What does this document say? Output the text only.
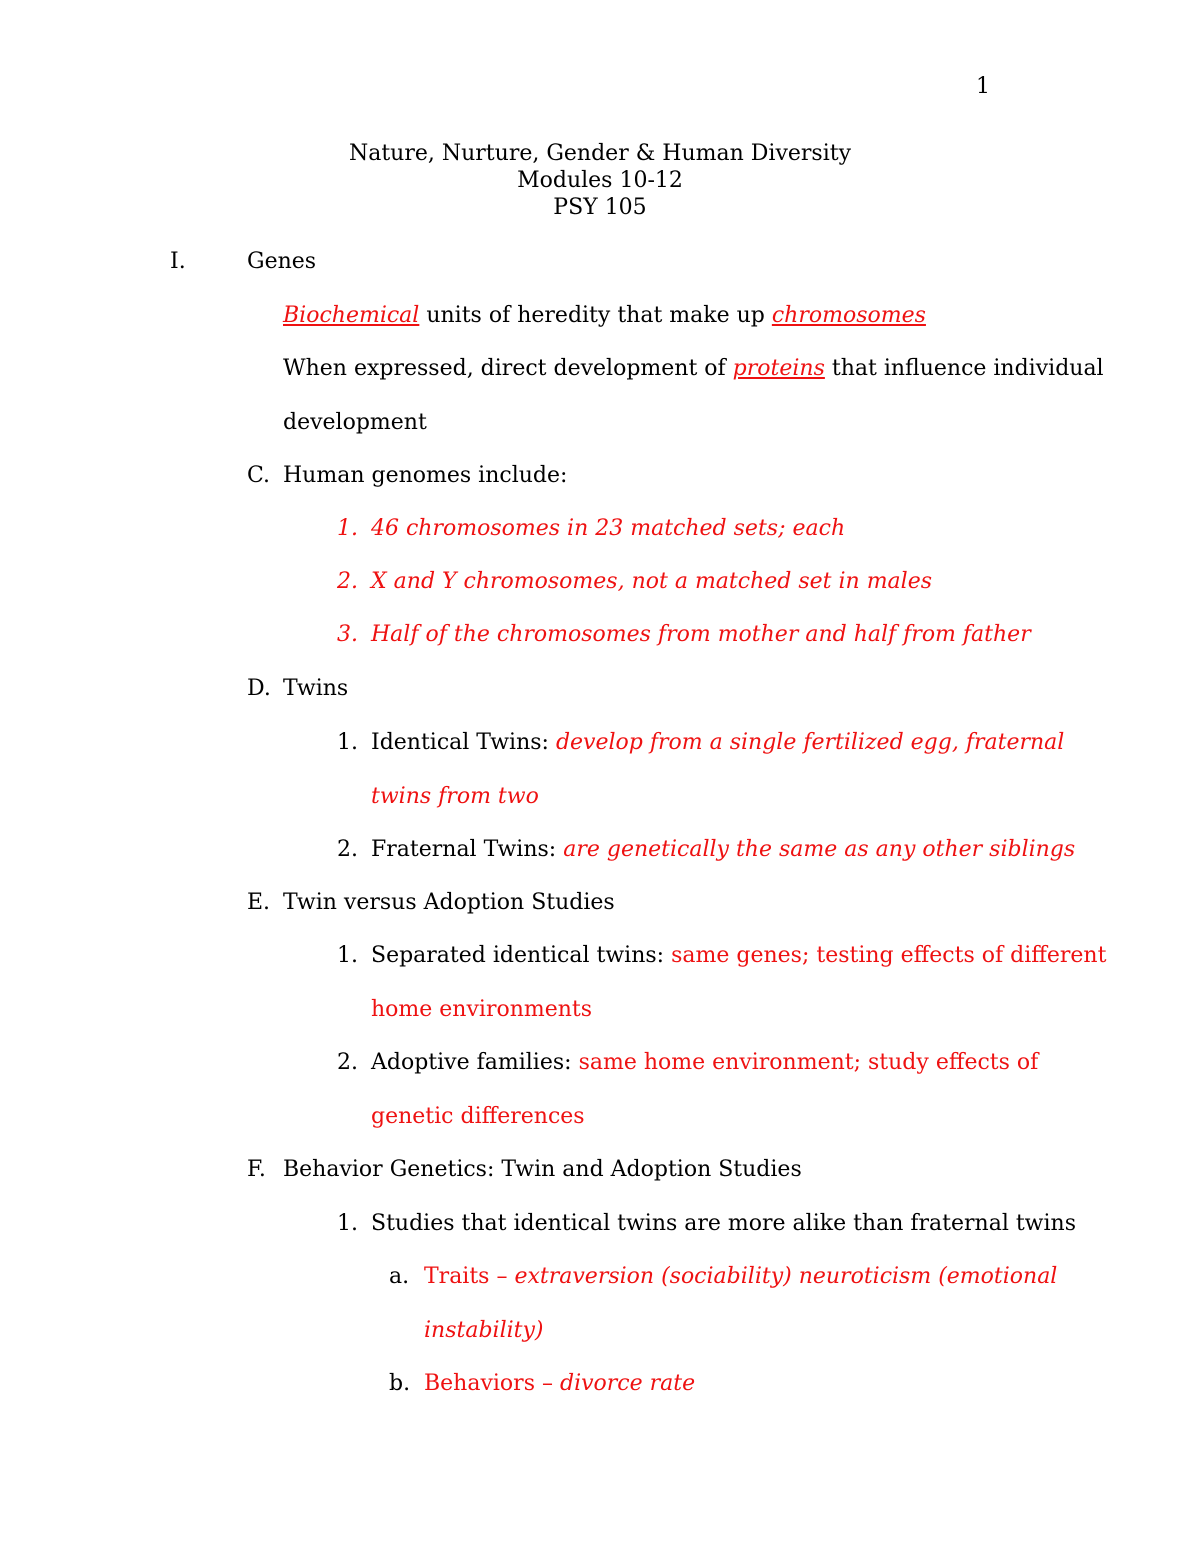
1
Nature, Nurture, Gender & Human Diversity
Modules 10-12
PSY 105
I.	Genes
Biochemical units of heredity that make up chromosomes
When expressed, direct development of proteins that influence individual
development
C. Human genomes include:
1. 46 chromosomes in 23 matched sets; each
2. X and Y chromosomes, not a matched set in males
3. Half of the chromosomes from mother and half from father
D. Twins
1. Identical Twins: develop from a single fertilized egg, fraternal
twins from two
2. Fraternal Twins: are genetically the same as any other siblings
E. Twin versus Adoption Studies
1. Separated identical twins: same genes; testing effects of different
home environments
2. Adoptive families: same home environment; study effects of
genetic differences
F. Behavior Genetics: Twin and Adoption Studies
1. Studies that identical twins are more alike than fraternal twins
a. Traits – extraversion (sociability) neuroticism (emotional
instability)
b. Behaviors – divorce rate
